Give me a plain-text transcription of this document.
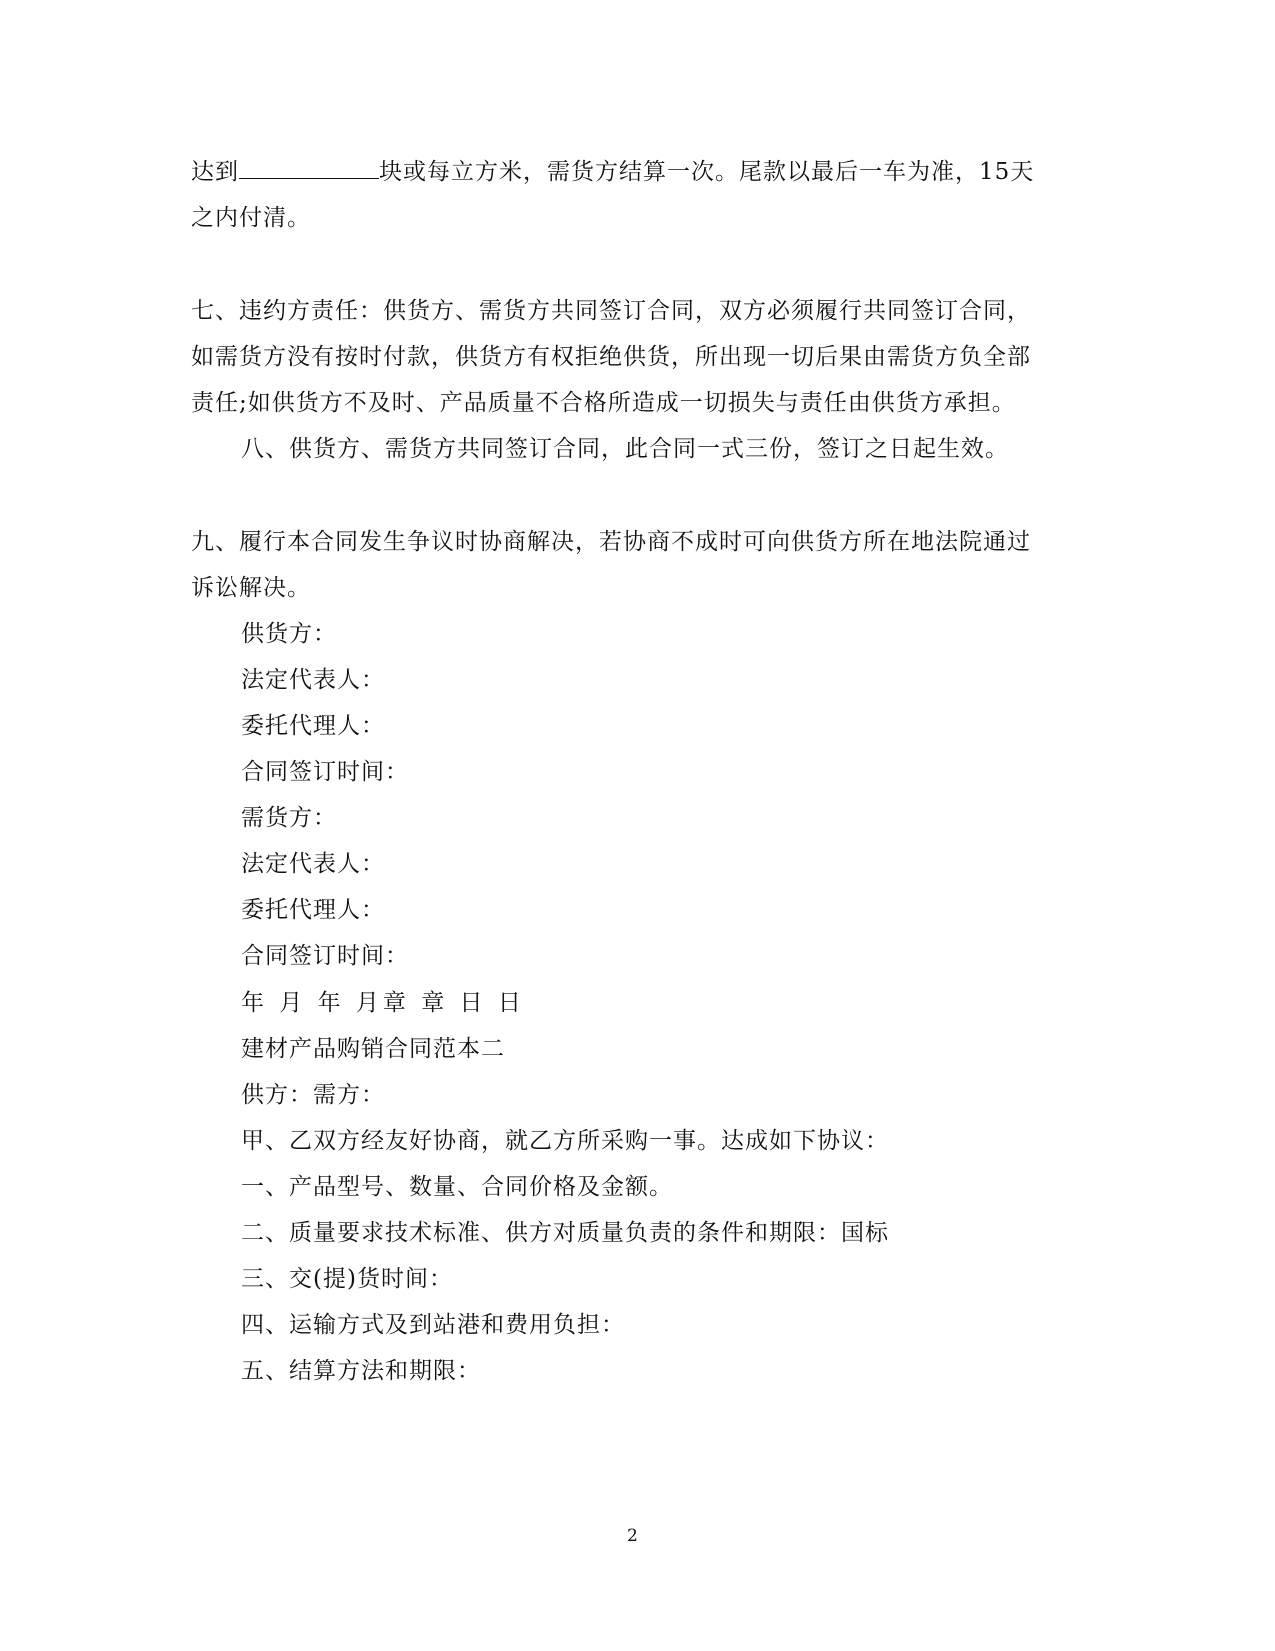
达到	块或每立方米，需货方结算一次。尾款以最后一车为准，15天
之内付清。
七、违约方责任：供货方、需货方共同签订合同，双方必须履行共同签订合同，
如需货方没有按时付款，供货方有权拒绝供货，所出现一切后果由需货方负全部
责任;如供货方不及时、产品质量不合格所造成一切损失与责任由供货方承担。
八、供货方、需货方共同签订合同，此合同一式三份，签订之日起生效。
九、履行本合同发生争议时协商解决，若协商不成时可向供货方所在地法院通过
诉讼解决。
供货方：
法定代表人：
委托代理人：
合同签订时间：
需货方：
法定代表人：
委托代理人：
合同签订时间：
年 月 年 月章 章 日 日
建材产品购销合同范本二
供方：需方：
甲、乙双方经友好协商，就乙方所采购一事。达成如下协议：
一、产品型号、数量、合同价格及金额。
二、质量要求技术标准、供方对质量负责的条件和期限：国标
三、交(提)货时间：
四、运输方式及到站港和费用负担：
五、结算方法和期限：
2
